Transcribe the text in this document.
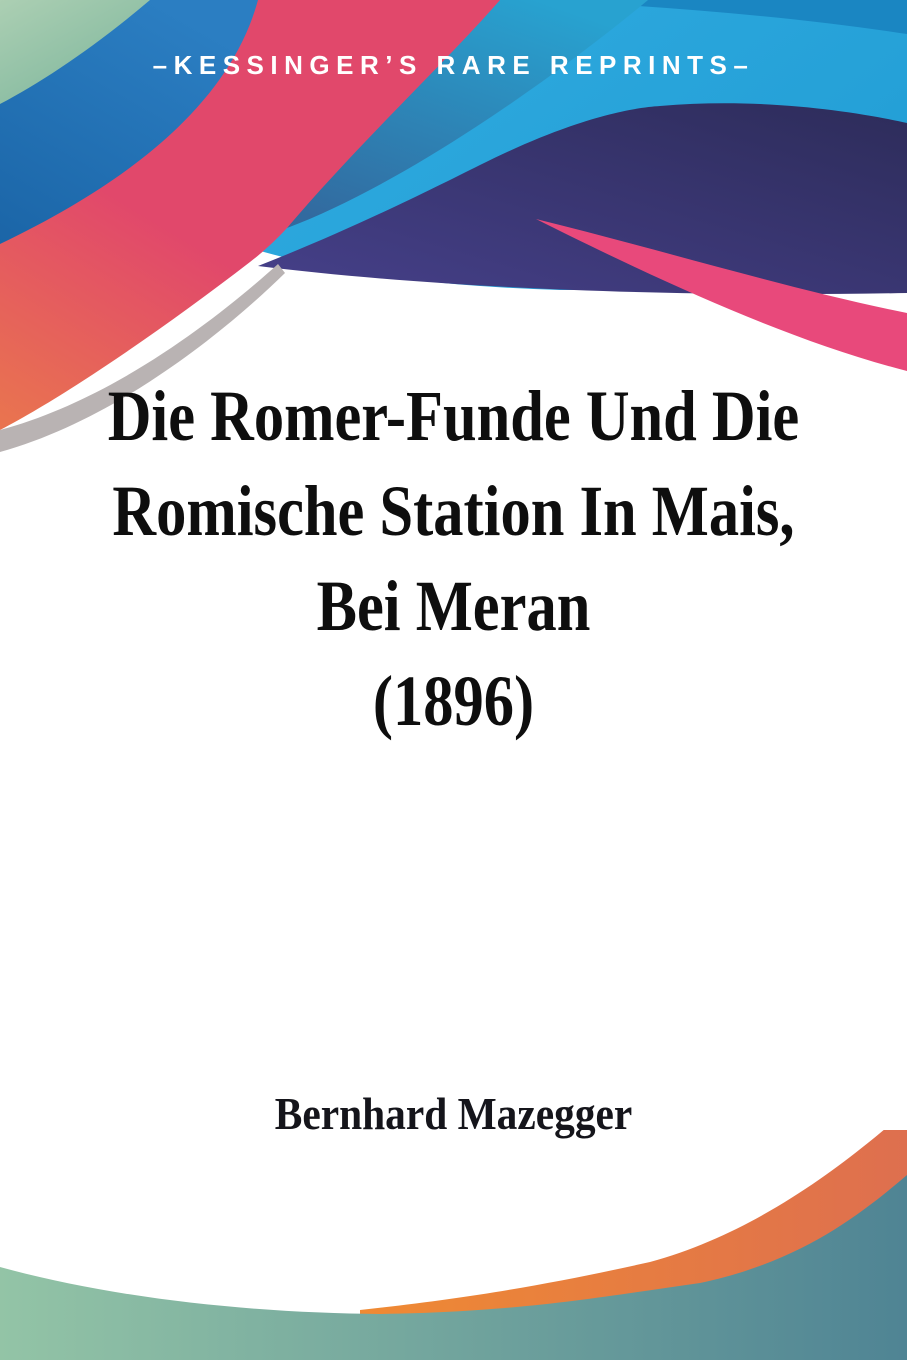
–KESSINGER’S RARE REPRINTS–
Die Romer-Funde Und Die
Romische Station In Mais,
Bei Meran
(1896)
Bernhard Mazegger
